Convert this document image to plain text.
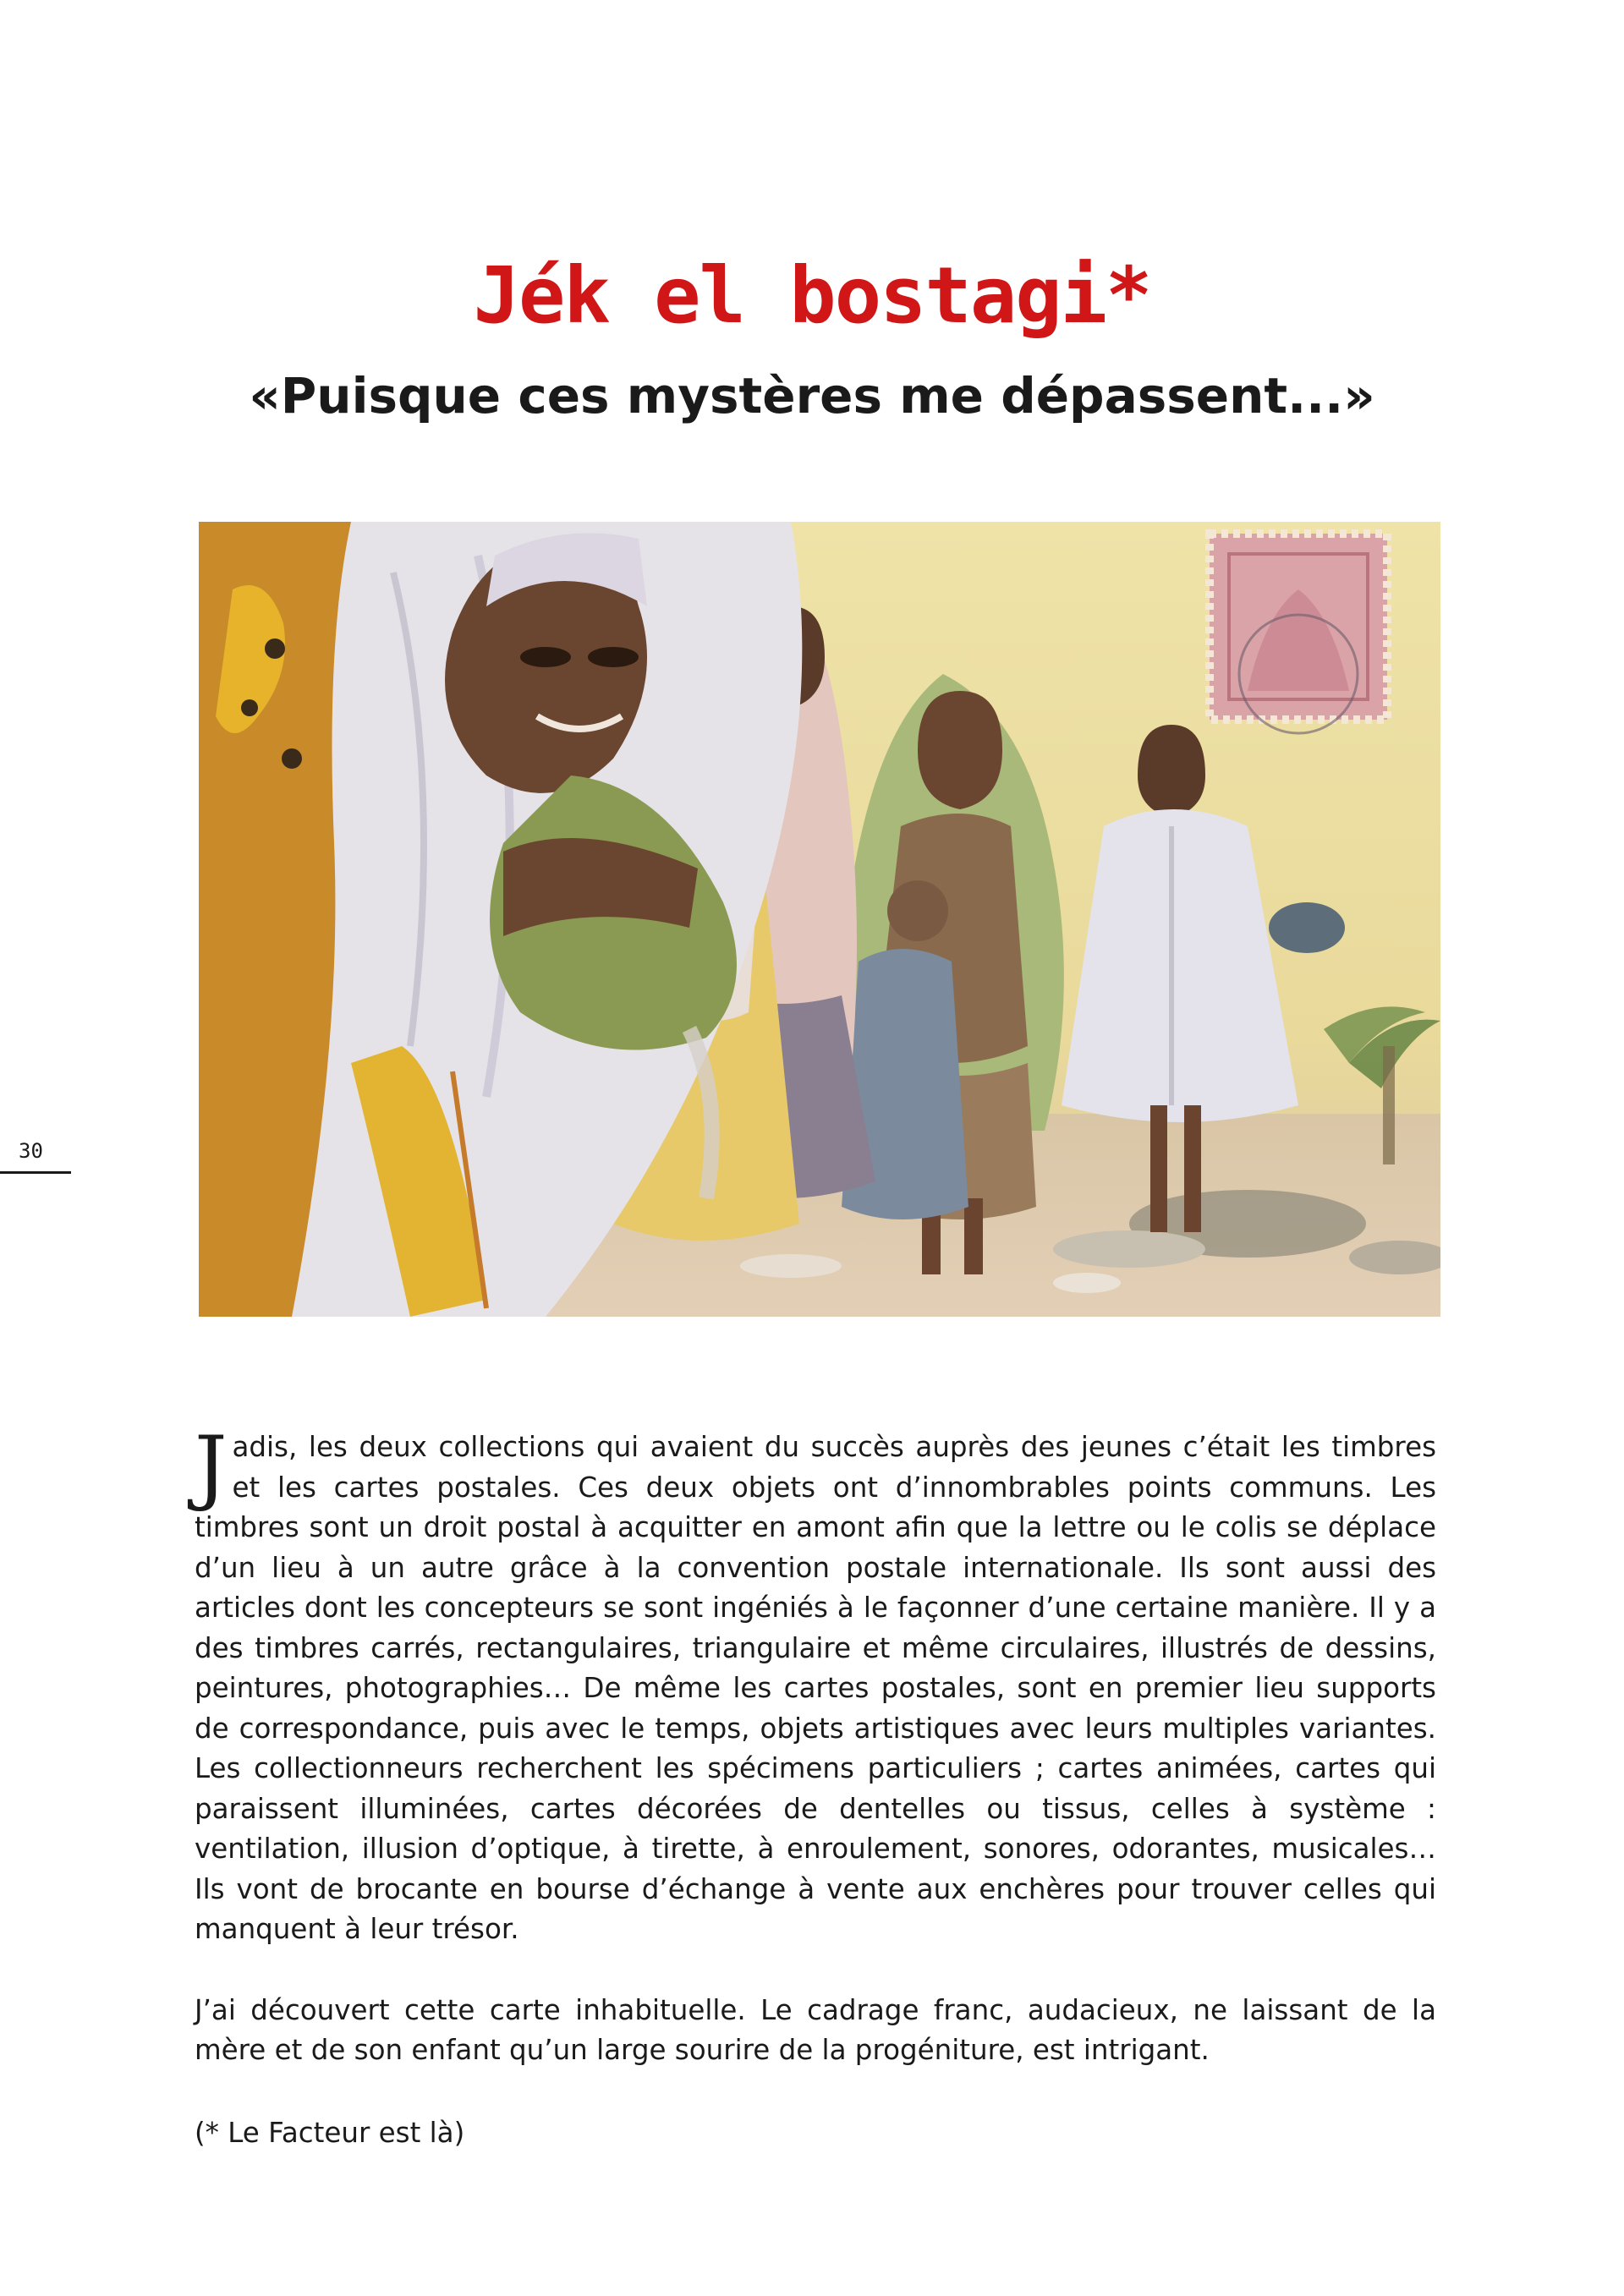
Jék el bostagi*
«Puisque ces mystères me dépassent...»
30

Jadis, les deux collections qui avaient du succès auprès des jeunes c’était les timbres et les cartes postales. Ces deux objets ont d’innombrables points communs. Les timbres sont un droit postal à acquitter en amont afin que la lettre ou le colis se déplace d’un lieu à un autre grâce à la convention postale internationale. Ils sont aussi des articles dont les concepteurs se sont ingéniés à le façonner d’une certaine manière. Il y a des timbres carrés, rectangulaires, triangulaire et même circulaires, illustrés de dessins, peintures, photographies… De même les cartes postales, sont en premier lieu supports de correspondance, puis avec le temps, objets artistiques avec leurs multiples variantes. Les collectionneurs recherchent les spécimens particuliers ; cartes animées, cartes qui paraissent illuminées, cartes décorées de dentelles ou tissus, celles à système : ventilation, illusion d’optique, à tirette, à enroulement, sonores, odorantes, musicales… Ils vont de brocante en bourse d’échange à vente aux enchères pour trouver celles qui manquent à leur trésor.

J’ai découvert cette carte inhabituelle. Le cadrage franc, audacieux, ne laissant de la mère et de son enfant qu’un large sourire de la progéniture, est intrigant.

(* Le Facteur est là)
